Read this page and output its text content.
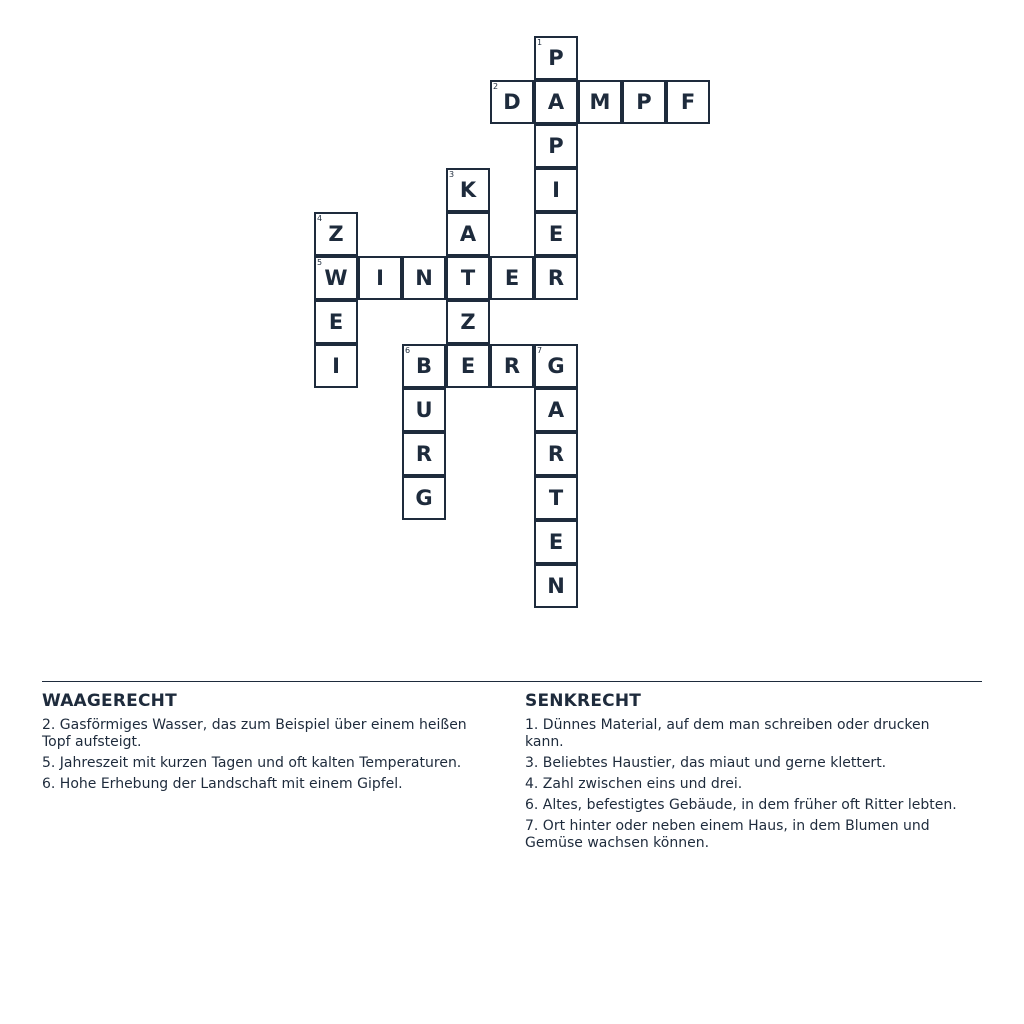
1
P
2
D	A	M	P	F
P
3
K	I
4
Z	A	E
5
W	I	N	T	E	R
E	Z
I
6
B	E	R
7
G
U	A
R	R
G	T
E
N
WAAGERECHT
2. Gasförmiges Wasser, das zum Beispiel über einem heißen Topf aufsteigt.
5. Jahreszeit mit kurzen Tagen und oft kalten Temperaturen.
6. Hohe Erhebung der Landschaft mit einem Gipfel.
SENKRECHT
1. Dünnes Material, auf dem man schreiben oder drucken kann.
3. Beliebtes Haustier, das miaut und gerne klettert.
4. Zahl zwischen eins und drei.
6. Altes, befestigtes Gebäude, in dem früher oft Ritter lebten.
7. Ort hinter oder neben einem Haus, in dem Blumen und Gemüse wachsen können.
